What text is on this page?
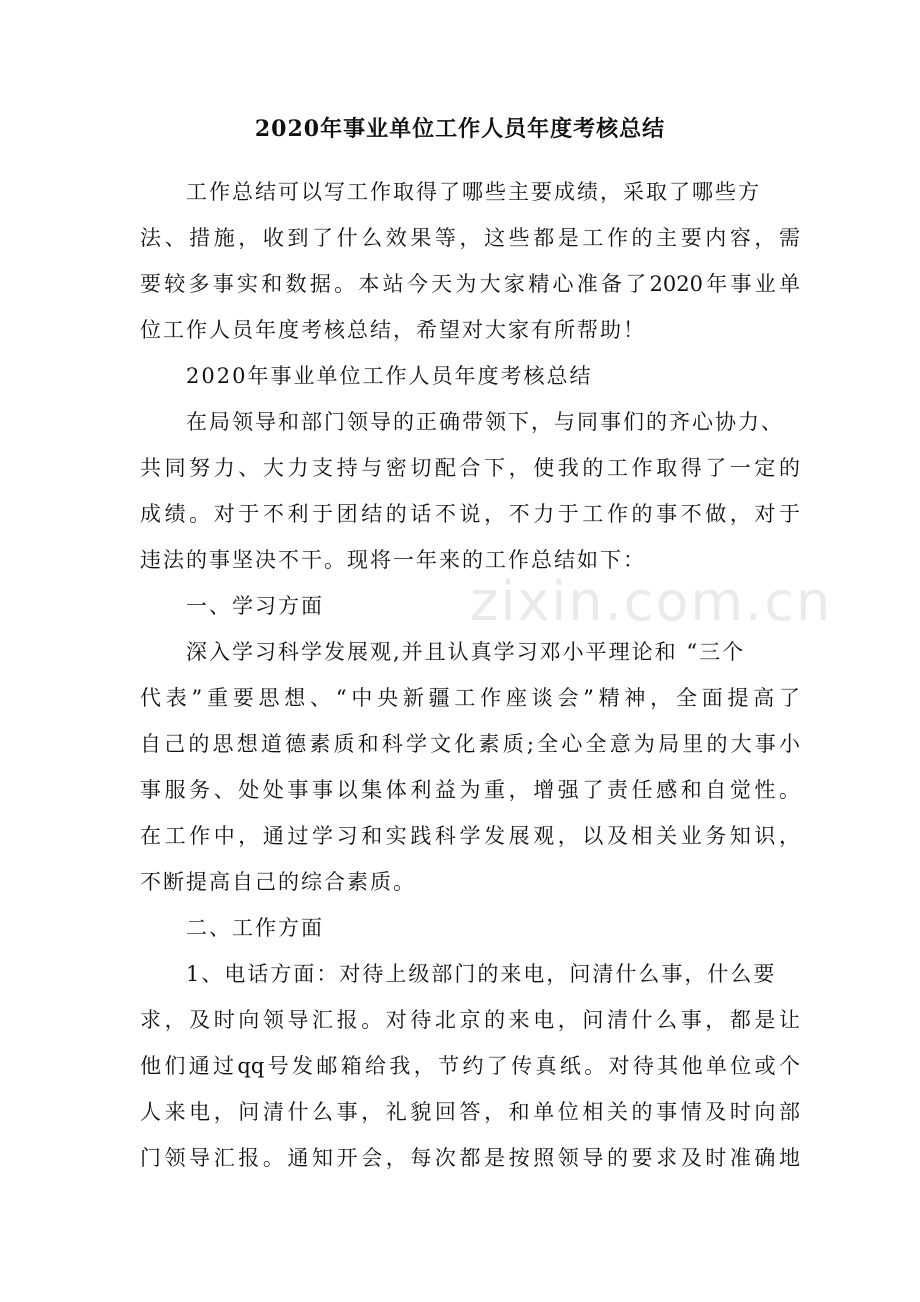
2020年事业单位工作人员年度考核总结
zixin.com.cn

工作总结可以写工作取得了哪些主要成绩，采取了哪些方

法、措施，收到了什么效果等，这些都是工作的主要内容，需

要较多事实和数据。本站今天为大家精心准备了2020年事业单

位工作人员年度考核总结，希望对大家有所帮助！

2020年事业单位工作人员年度考核总结

在局领导和部门领导的正确带领下，与同事们的齐心协力、

共同努力、大力支持与密切配合下，使我的工作取得了一定的

成绩。对于不利于团结的话不说，不力于工作的事不做，对于

违法的事坚决不干。现将一年来的工作总结如下：

一、学习方面

深入学习科学发展观,并且认真学习邓小平理论和 “三个

代表”重要思想、“中央新疆工作座谈会”精神，全面提高了

自己的思想道德素质和科学文化素质;全心全意为局里的大事小

事服务、处处事事以集体利益为重，增强了责任感和自觉性。

在工作中，通过学习和实践科学发展观，以及相关业务知识，

不断提高自己的综合素质。

二、工作方面

1、电话方面：对待上级部门的来电，问清什么事，什么要

求，及时向领导汇报。对待北京的来电，问清什么事，都是让

他们通过qq号发邮箱给我，节约了传真纸。对待其他单位或个

人来电，问清什么事，礼貌回答，和单位相关的事情及时向部

门领导汇报。通知开会，每次都是按照领导的要求及时准确地
